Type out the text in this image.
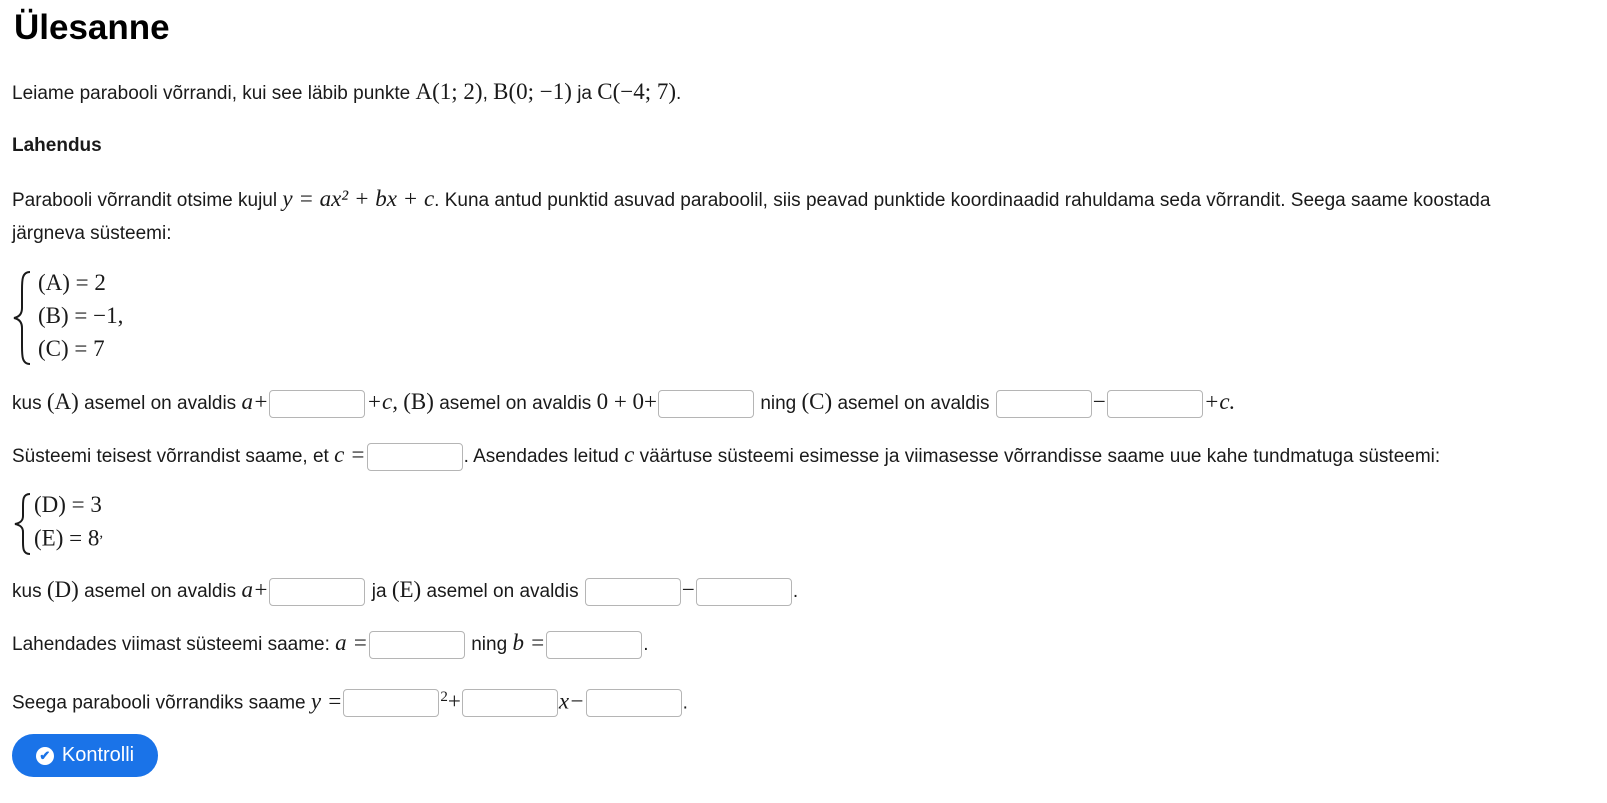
Ülesanne
Leiame parabooli võrrandi, kui see läbib punkte A(1; 2), B(0; −1) ja C(−4; 7).
Lahendus
Parabooli võrrandit otsime kujul y = ax² + bx + c. Kuna antud punktid asuvad paraboolil, siis peavad punktide koordinaadid rahuldama seda võrrandit. Seega saame koostada
järgneva süsteemi:
(A) = 2
(B) = −1,
(C) = 7
kus (A) asemel on avaldis a+	+c, (B) asemel on avaldis 0 + 0+	ning (C) asemel on avaldis	−	+c.
Süsteemi teisest võrrandist saame, et c =	. Asendades leitud c väärtuse süsteemi esimesse ja viimasesse võrrandisse saame uue kahe tundmatuga süsteemi:
(D) = 3
(E) = 8,
kus (D) asemel on avaldis a+	ja (E) asemel on avaldis	−	.
Lahendades viimast süsteemi saame: a =	ning b =	.
Seega parabooli võrrandiks saame y =	$^2$+	x−	.
✔ Kontrolli
